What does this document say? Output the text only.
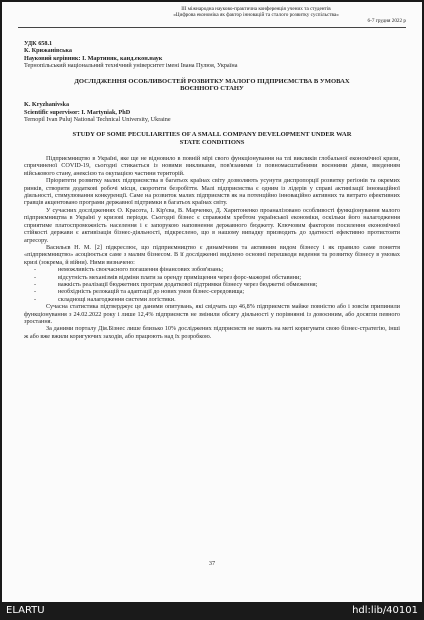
ІІІ міжнародна науково-практична конференція учених та студентів
«Цифрова економіка як фактор інновацій та сталого розвитку суспільства»
6-7 грудня 2022 р

УДК 658.1

К. Крижанівська

Науковий керівник: І. Мартиняк, канд.екон.наук

Тернопільський національний технічний університет імені Івана Пулюя, Україна

ДОСЛІДЖЕННЯ ОСОБЛИВОСТЕЙ РОЗВИТКУ МАЛОГО ПІДПРИЄМСТВА В УМОВАХ ВОЄННОГО СТАНУ

K. Kryzhanivska

Scientific supervisor: I. Martyniak, PhD

Ternopil Ivan Puluj National Technical University, Ukraine

STUDY OF SOME PECULIARITIES OF A SMALL COMPANY DEVELOPMENT UNDER WAR STATE CONDITIONS

Підприємництво в Україні, яке ще не відновило в повній мірі свого функціонування на тлі викликів глобальної економічної кризи, спричиненої COVID-19, сьогодні стикається із новими викликами, пов'язаними із повномасштабними воєнними діями, введенням військового стану, анексією та окупацією частини територій.

Пріоритети розвитку малих підприємства в багатьох країнах світу дозволяють усунути диспропорції розвитку регіонів та окремих ринків, створити додаткові робочі місця, скоротити безробіття. Малі підприємства є одним із лідерів у справі активізації інноваційної діяльності, стимулювання конкуренції. Саме на розвиток малих підприємств як на потенційно інноваційно активних та витрато ефективних гравців акцентовано програми державної підтримки в багатьох країнах світу.

У сучасних дослідженнях О. Красота, І. Кір'єва, В. Марченко, Д. Харитоненко проаналізовано особливості функціонування малого підприємництва в Україні у кризові періоди. Сьогодні бізнес є справжнім хребтом української економіки, оскільки його налагодження сприятиме платоспроможність населення і є запорукою наповнення державного бюджету. Ключовим фактором посилення економічної стійкості держави є активізація бізнес-діяльності, підкреслено, що в нашому випадку призводить до здатності ефективно протистояти агресору.

Васильєв Н. М. [2] підкреслює, що підприємництво є динамічним та активним видом бізнесу і як правило саме поняття «підприємництво» асоціюється саме з малим бізнесом. В її дослідженні виділено основні перешкоди ведення та розвитку бізнесу в умовах кризі (зокрема, й війни). Ними визначено:

-	неможливість своєчасного погашення фінансових зобов'язань;
-	відсутність механізмів відміни плати за оренду приміщення через форс-мажорні обставини;
-	важкість реалізації бюджетних програм додаткової підтримки бізнесу через бюджетні обмеження;
-	необхідність релокацій та адаптації до нових умов бізнес-середовища;
-	складнощі налагодження системи логістики.

Сучасна статистика підтверджує це даними опитувань, які свідчать що 46,8% підприємств майже повністю або і зовсім припинили функціонування з 24.02.2022 року і лише 12,4% підприємств не змінили обсягу діяльності у порівнянні із довоєнним, або досягли певного зростання.

За даними порталу Дія.Бізнес лише близько 10% досліджених підприємств не мають на меті коригувати свою бізнес-стратегію, інші ж або вже вжили коригуючих заходів, або працюють над їх розробкою.

37
ELARTU	hdl:lib/40101
